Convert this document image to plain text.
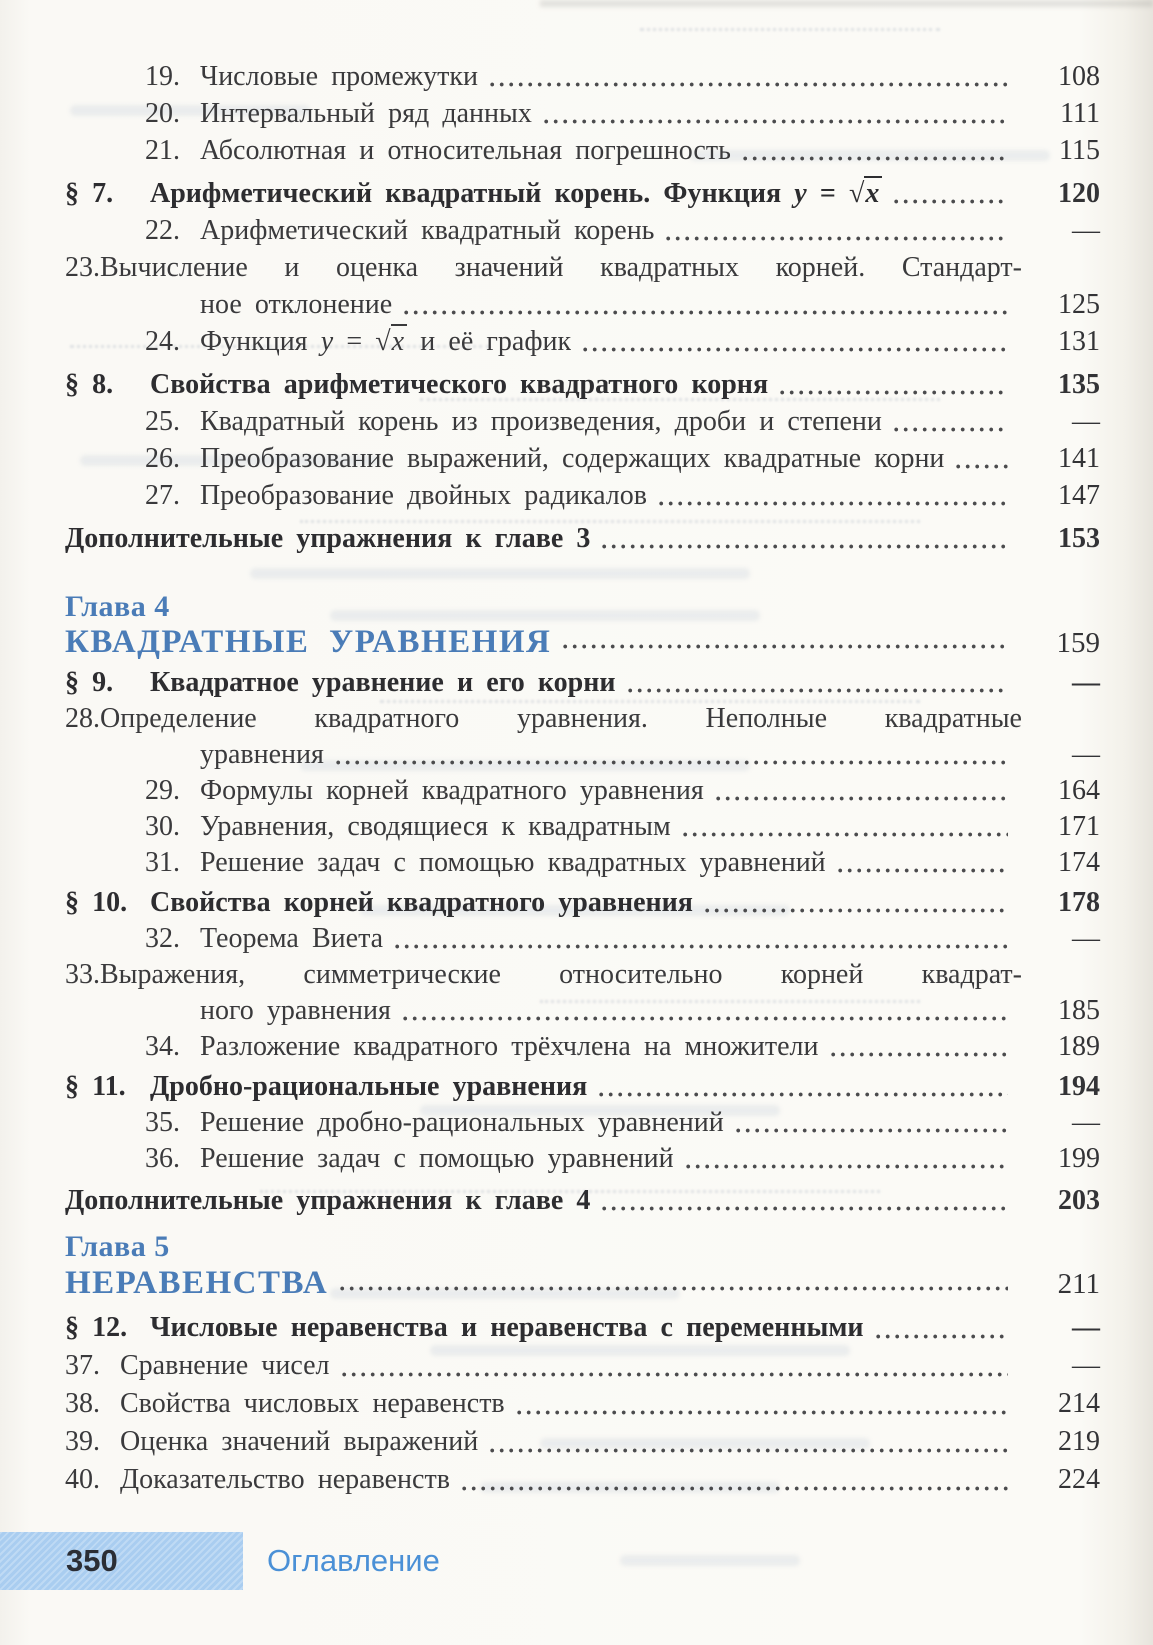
19. Числовые промежутки	108
20. Интервальный ряд данных	111
21. Абсолютная и относительная погрешность	115
§ 7.	Арифметический квадратный корень. Функция y = √x	120
22. Арифметический квадратный корень	—
23. Вычисление и оценка значений квадратных корней. Стандарт-
ное отклонение	125
24. Функция y = √x и её график	131
§ 8.	Свойства арифметического квадратного корня	135
25. Квадратный корень из произведения, дроби и степени	—
26. Преобразование выражений, содержащих квадратные корни	141
27. Преобразование двойных радикалов	147
Дополнительные упражнения к главе 3	153
Глава 4
КВАДРАТНЫЕ УРАВНЕНИЯ	159
§ 9.	Квадратное уравнение и его корни	—
28. Определение квадратного уравнения. Неполные квадратные
уравнения	—
29. Формулы корней квадратного уравнения	164
30. Уравнения, сводящиеся к квадратным	171
31. Решение задач с помощью квадратных уравнений	174
§ 10. Свойства корней квадратного уравнения	178
32. Теорема Виета	—
33. Выражения, симметрические относительно корней квадрат-
ного уравнения	185
34. Разложение квадратного трёхчлена на множители	189
§ 11. Дробно-рациональные уравнения	194
35. Решение дробно-рациональных уравнений	—
36. Решение задач с помощью уравнений	199
Дополнительные упражнения к главе 4	203
Глава 5
НЕРАВЕНСТВА	211
§ 12. Числовые неравенства и неравенства с переменными	—
37. Сравнение чисел	—
38. Свойства числовых неравенств	214
39. Оценка значений выражений	219
40. Доказательство неравенств	224
350	Оглавление
